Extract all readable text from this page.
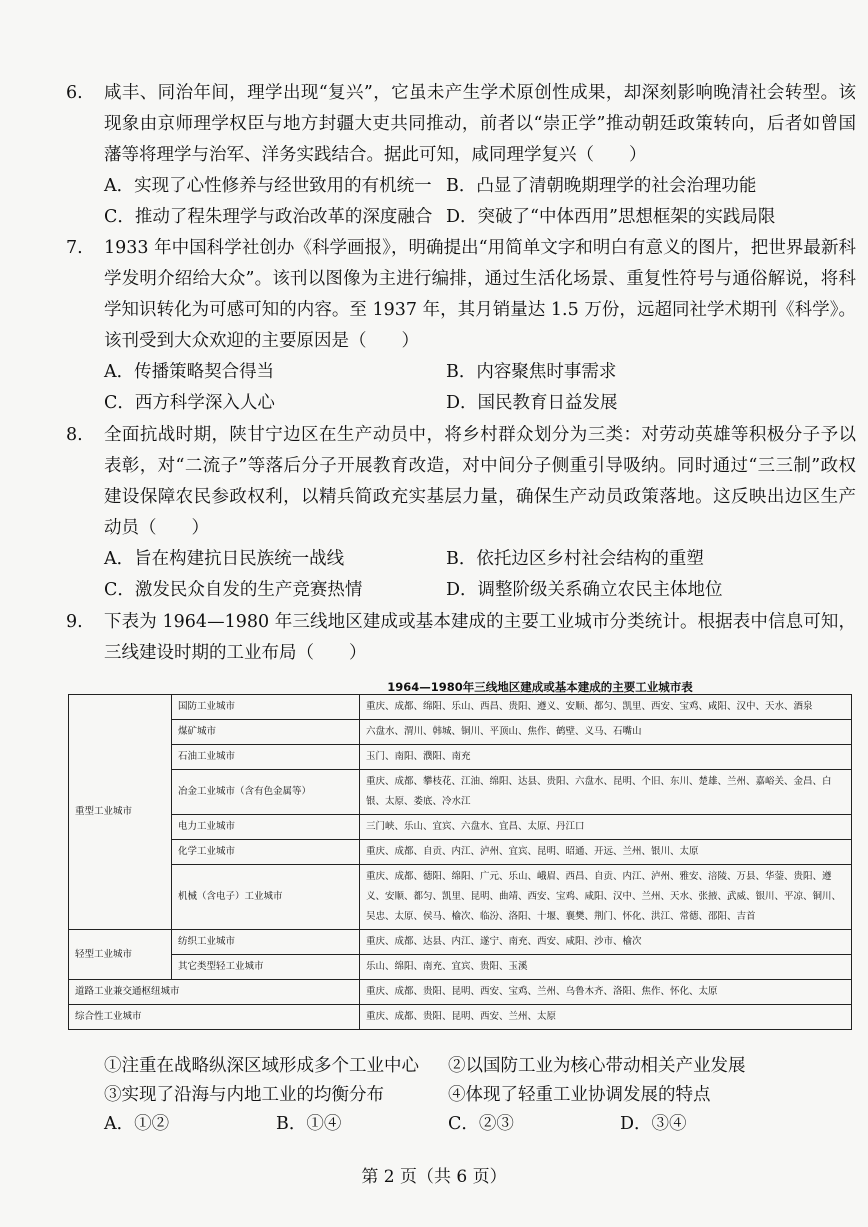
6.	咸丰、同治年间，理学出现“复兴”，它虽未产生学术原创性成果，却深刻影响晚清社会转型。该现象由京师理学权臣与地方封疆大吏共同推动，前者以“崇正学”推动朝廷政策转向，后者如曾国藩等将理学与治军、洋务实践结合。据此可知，咸同理学复兴（　　）
A．实现了心性修养与经世致用的有机统一 B．凸显了清朝晚期理学的社会治理功能
C．推动了程朱理学与政治改革的深度融合 D．突破了“中体西用”思想框架的实践局限
7.	1933 年中国科学社创办《科学画报》，明确提出“用简单文字和明白有意义的图片，把世界最新科学发明介绍给大众”。该刊以图像为主进行编排，通过生活化场景、重复性符号与通俗解说，将科学知识转化为可感可知的内容。至 1937 年，其月销量达 1.5 万份，远超同社学术期刊《科学》。该刊受到大众欢迎的主要原因是（　　）
A．传播策略契合得当	B．内容聚焦时事需求
C．西方科学深入人心	D．国民教育日益发展
8.	全面抗战时期，陕甘宁边区在生产动员中，将乡村群众划分为三类：对劳动英雄等积极分子予以表彰，对“二流子”等落后分子开展教育改造，对中间分子侧重引导吸纳。同时通过“三三制”政权建设保障农民参政权利，以精兵简政充实基层力量，确保生产动员政策落地。这反映出边区生产动员（　　）
A．旨在构建抗日民族统一战线	B．依托边区乡村社会结构的重塑
C．激发民众自发的生产竞赛热情	D．调整阶级关系确立农民主体地位
9.	下表为 1964—1980 年三线地区建成或基本建成的主要工业城市分类统计。根据表中信息可知，三线建设时期的工业布局（　　）
1964—1980年三线地区建成或基本建成的主要工业城市表
重型工业城市	国防工业城市	重庆、成都、绵阳、乐山、西昌、贵阳、遵义、安顺、都匀、凯里、西安、宝鸡、咸阳、汉中、天水、酒泉
	煤矿城市	六盘水、渭川、韩城、铜川、平顶山、焦作、鹤壁、义马、石嘴山
	石油工业城市	玉门、南阳、濮阳、南充
	冶金工业城市（含有色金属等）	重庆、成都、攀枝花、江油、绵阳、达县、贵阳、六盘水、昆明、个旧、东川、楚雄、兰州、嘉峪关、金昌、白银、太原、娄底、冷水江
	电力工业城市	三门峡、乐山、宜宾、六盘水、宜昌、太原、丹江口
	化学工业城市	重庆、成都、自贡、内江、泸州、宜宾、昆明、昭通、开远、兰州、银川、太原
	机械（含电子）工业城市	重庆、成都、德阳、绵阳、广元、乐山、峨眉、西昌、自贡、内江、泸州、雅安、涪陵、万县、华蓥、贵阳、遵义、安顺、都匀、凯里、昆明、曲靖、西安、宝鸡、咸阳、汉中、兰州、天水、张掖、武威、银川、平凉、铜川、吴忠、太原、侯马、榆次、临汾、洛阳、十堰、襄樊、荆门、怀化、洪江、常德、邵阳、吉首
轻型工业城市	纺织工业城市	重庆、成都、达县、内江、遂宁、南充、西安、咸阳、沙市、榆次
	其它类型轻工业城市	乐山、绵阳、南充、宜宾、贵阳、玉溪
道路工业兼交通枢纽城市		重庆、成都、贵阳、昆明、西安、宝鸡、兰州、乌鲁木齐、洛阳、焦作、怀化、太原
综合性工业城市		重庆、成都、贵阳、昆明、西安、兰州、太原
①注重在战略纵深区域形成多个工业中心	②以国防工业为核心带动相关产业发展
③实现了沿海与内地工业的均衡分布	④体现了轻重工业协调发展的特点
A．①②	B．①④	C．②③	D．③④
第 2 页（共 6 页）
